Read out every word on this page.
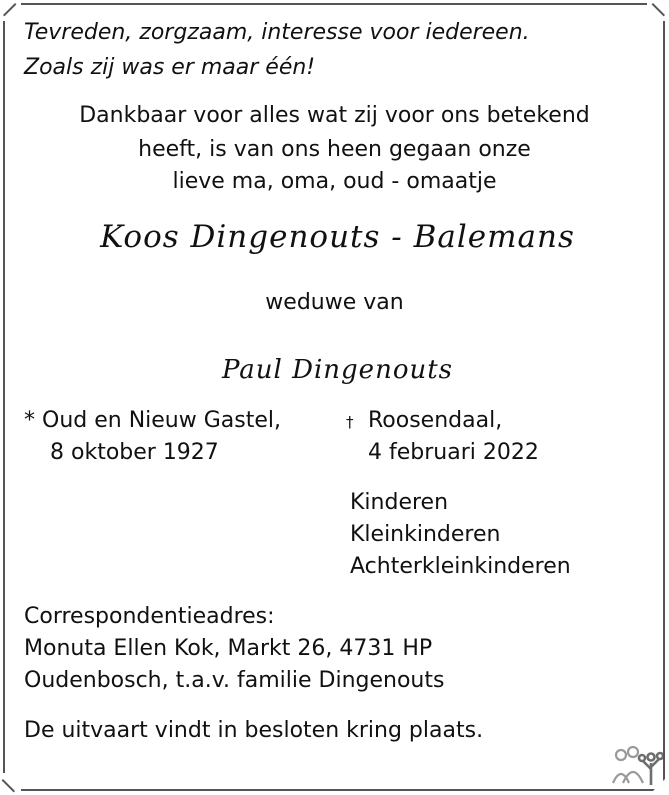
Tevreden, zorgzaam, interesse voor iedereen.
Zoals zij was er maar één!
Dankbaar voor alles wat zij voor ons betekend
heeft, is van ons heen gegaan onze
lieve ma, oma, oud - omaatje
Koos Dingenouts - Balemans
weduwe van
Paul Dingenouts
* Oud en Nieuw Gastel,
8 oktober 1927
† Roosendaal,
4 februari 2022
Kinderen
Kleinkinderen
Achterkleinkinderen
Correspondentieadres:
Monuta Ellen Kok, Markt 26, 4731 HP
Oudenbosch, t.a.v. familie Dingenouts
De uitvaart vindt in besloten kring plaats.
